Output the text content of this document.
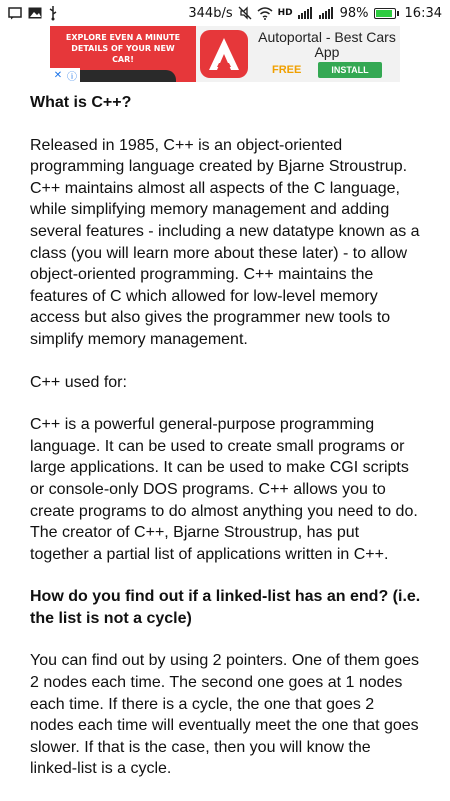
344b/s	HD	98%	16:34
EXPLORE EVEN A MINUTE DETAILS OF YOUR NEW CAR!
Autoportal - Best Cars App
FREE	INSTALL
✕ ⓘ
What is C++?

Released in 1985, C++ is an object-oriented programming language created by Bjarne Stroustrup. C++ maintains almost all aspects of the C language, while simplifying memory management and adding several features - including a new datatype known as a class (you will learn more about these later) - to allow object-oriented programming. C++ maintains the features of C which allowed for low-level memory access but also gives the programmer new tools to simplify memory management.

C++ used for:

C++ is a powerful general-purpose programming language. It can be used to create small programs or large applications. It can be used to make CGI scripts or console-only DOS programs. C++ allows you to create programs to do almost anything you need to do. The creator of C++, Bjarne Stroustrup, has put together a partial list of applications written in C++.

How do you find out if a linked-list has an end? (i.e. the list is not a cycle)

You can find out by using 2 pointers. One of them goes 2 nodes each time. The second one goes at 1 nodes each time. If there is a cycle, the one that goes 2 nodes each time will eventually meet the one that goes slower. If that is the case, then you will know the linked-list is a cycle.
